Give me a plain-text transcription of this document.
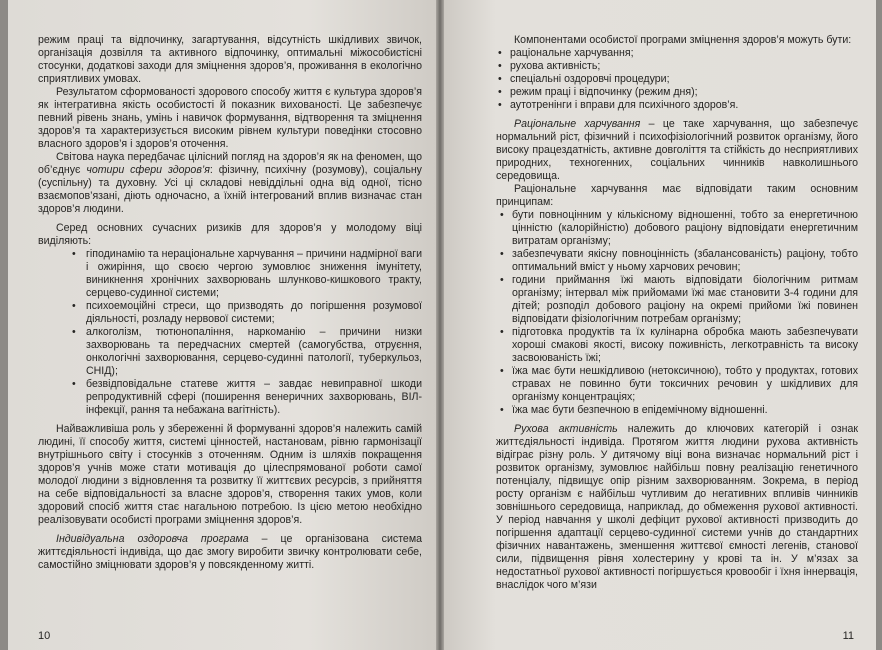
режим праці та відпочинку, загартування, відсутність шкідливих звичок, організація дозвілля та активного відпочинку, оптимальні міжособистісні стосунки, додаткові заходи для зміцнення здоров’я, проживання в екологічно сприятливих умовах.

Результатом сформованості здорового способу життя є культура здоров’я як інтегративна якість особистості й показник вихованості. Це забезпечує певний рівень знань, умінь і навичок формування, відтворення та зміцнення здоров’я та характеризується високим рівнем культури поведінки стосовно власного здоров’я і здоров’я оточення.

Світова наука передбачає цілісний погляд на здоров’я як на феномен, що об’єднує чотири сфери здоров’я: фізичну, психічну (розумову), соціальну (суспільну) та духовну. Усі ці складові невіддільні одна від одної, тісно взаємопов’язані, діють одночасно, а їхній інтегрований вплив визначає стан здоров’я людини.

Серед основних сучасних ризиків для здоров’я у молодому віці виділяють:

• гіподинамію та нераціональне харчування – причини надмірної ваги і ожиріння, що своєю чергою зумовлює зниження імунітету, виникнення хронічних захворювань шлунково-кишкового тракту, серцево-судинної системи;
• психоемоційні стреси, що призводять до погіршення розумової діяльності, розладу нервової системи;
• алкоголізм, тютюнопаління, наркоманію – причини низки захворювань та передчасних смертей (самогубства, отруєння, онкологічні захворювання, серцево-судинні патології, туберкульоз, СНІД);
• безвідповідальне статеве життя – завдає невиправної шкоди репродуктивній сфері (поширення венеричних захворювань, ВІЛ-інфекції, рання та небажана вагітність).

Найважливіша роль у збереженні й формуванні здоров’я належить самій людині, її способу життя, системі цінностей, настановам, рівню гармонізації внутрішнього світу і стосунків з оточенням. Одним із шляхів покращення здоров’я учнів може стати мотивація до цілеспрямованої роботи самої молодої людини з відновлення та розвитку її життєвих ресурсів, з прийняття на себе відповідальності за власне здоров’я, створення таких умов, коли здоровий спосіб життя стає нагальною потребою. Із цією метою необхідно реалізовувати особисті програми зміцнення здоров’я.

Індивідуальна оздоровча програма – це організована система життєдіяльності індивіда, що дає змогу виробити звичку контролювати себе, самостійно зміцнювати здоров’я у повсякденному житті.

10

Компонентами особистої програми зміцнення здоров’я можуть бути:

• раціональне харчування;
• рухова активність;
• спеціальні оздоровчі процедури;
• режим праці і відпочинку (режим дня);
• аутотренінги і вправи для психічного здоров’я.

Раціональне харчування – це таке харчування, що забезпечує нормальний ріст, фізичний і психофізіологічний розвиток організму, його високу працездатність, активне довголіття та стійкість до несприятливих природних, техногенних, соціальних чинників навколишнього середовища.

Раціональне харчування має відповідати таким основним принципам:

• бути повноцінним у кількісному відношенні, тобто за енергетичною цінністю (калорійністю) добового раціону відповідати енергетичним витратам організму;
• забезпечувати якісну повноцінність (збалансованість) раціону, тобто оптимальний вміст у ньому харчових речовин;
• години приймання їжі мають відповідати біологічним ритмам організму; інтервал між прийомами їжі має становити 3-4 години для дітей; розподіл добового раціону на окремі прийоми їжі повинен відповідати фізіологічним потребам організму;
• підготовка продуктів та їх кулінарна обробка мають забезпечувати хороші смакові якості, високу поживність, легкотравність та високу засвоюваність їжі;
• їжа має бути нешкідливою (нетоксичною), тобто у продуктах, готових стравах не повинно бути токсичних речовин у шкідливих для організму концентраціях;
• їжа має бути безпечною в епідемічному відношенні.

Рухова активність належить до ключових категорій і ознак життєдіяльності індивіда. Протягом життя людини рухова активність відіграє різну роль. У дитячому віці вона визначає нормальний ріст і розвиток організму, зумовлює найбільш повну реалізацію генетичного потенціалу, підвищує опір різним захворюванням. Зокрема, в період росту організм є найбільш чутливим до негативних впливів чинників зовнішнього середовища, наприклад, до обмеження рухової активності. У період навчання у школі дефіцит рухової активності призводить до погіршення адаптації серцево-судинної системи учнів до стандартних фізичних навантажень, зменшення життєвої ємності легенів, станової сили, підвищення рівня холестерину у крові та ін. У м’язах за недостатньої рухової активності погіршується кровообіг і їхня іннервація, внаслідок чого м’язи

11
